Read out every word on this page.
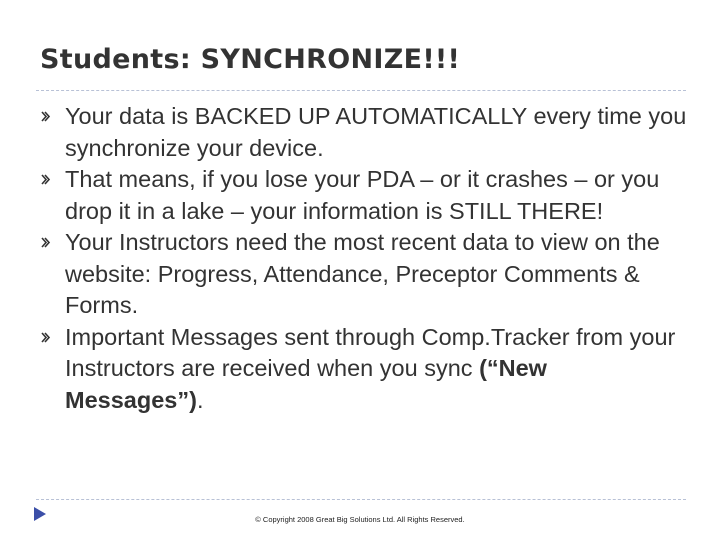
Students: SYNCHRONIZE!!!
Your data is BACKED UP AUTOMATICALLY every time you synchronize your device.
That means, if you lose your PDA – or it crashes – or you drop it in a lake – your information is STILL THERE!
Your Instructors need the most recent data to view on the website: Progress, Attendance, Preceptor Comments & Forms.
Important Messages sent through Comp.Tracker from your Instructors are received when you sync (“New Messages”).
© Copyright 2008 Great Big Solutions Ltd. All Rights Reserved.
